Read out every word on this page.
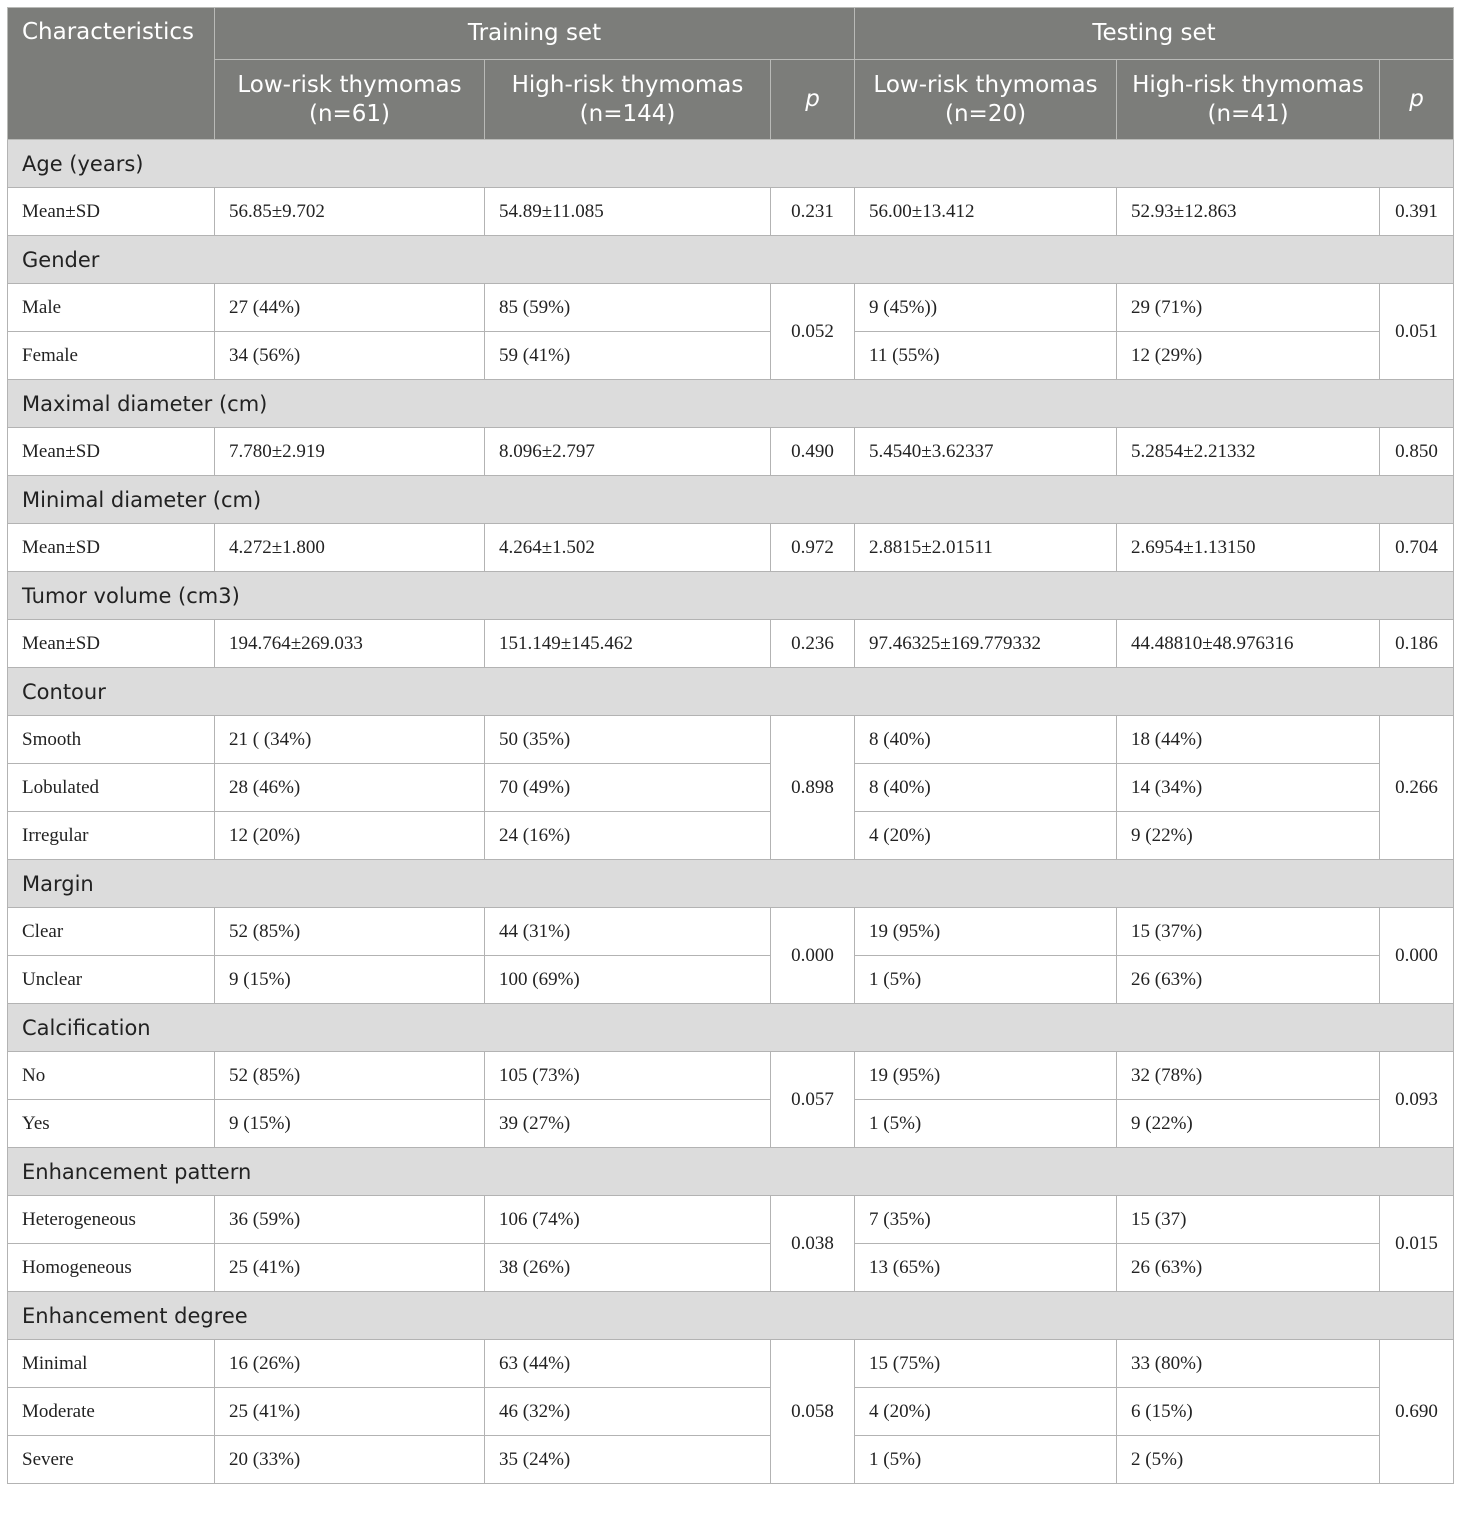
Characteristics	Training set			Testing set		
	Low-risk thymomas (n=61)	High-risk thymomas (n=144)	p	Low-risk thymomas (n=20)	High-risk thymomas (n=41)	p
Age (years)						
Mean±SD	56.85±9.702	54.89±11.085	0.231	56.00±13.412	52.93±12.863	0.391
Gender						
Male	27 (44%)	85 (59%)	0.052	9 (45%))	29 (71%)	0.051
Female	34 (56%)	59 (41%)		11 (55%)	12 (29%)	
Maximal diameter (cm)						
Mean±SD	7.780±2.919	8.096±2.797	0.490	5.4540±3.62337	5.2854±2.21332	0.850
Minimal diameter (cm)						
Mean±SD	4.272±1.800	4.264±1.502	0.972	2.8815±2.01511	2.6954±1.13150	0.704
Tumor volume (cm3)						
Mean±SD	194.764±269.033	151.149±145.462	0.236	97.46325±169.779332	44.48810±48.976316	0.186
Contour						
Smooth	21 ( (34%)	50 (35%)	0.898	8 (40%)	18 (44%)	0.266
Lobulated	28 (46%)	70 (49%)		8 (40%)	14 (34%)	
Irregular	12 (20%)	24 (16%)		4 (20%)	9 (22%)	
Margin						
Clear	52 (85%)	44 (31%)	0.000	19 (95%)	15 (37%)	0.000
Unclear	9 (15%)	100 (69%)		1 (5%)	26 (63%)	
Calcification						
No	52 (85%)	105 (73%)	0.057	19 (95%)	32 (78%)	0.093
Yes	9 (15%)	39 (27%)		1 (5%)	9 (22%)	
Enhancement pattern						
Heterogeneous	36 (59%)	106 (74%)	0.038	7 (35%)	15 (37)	0.015
Homogeneous	25 (41%)	38 (26%)		13 (65%)	26 (63%)	
Enhancement degree						
Minimal	16 (26%)	63 (44%)	0.058	15 (75%)	33 (80%)	0.690
Moderate	25 (41%)	46 (32%)		4 (20%)	6 (15%)	
Severe	20 (33%)	35 (24%)		1 (5%)	2 (5%)	
